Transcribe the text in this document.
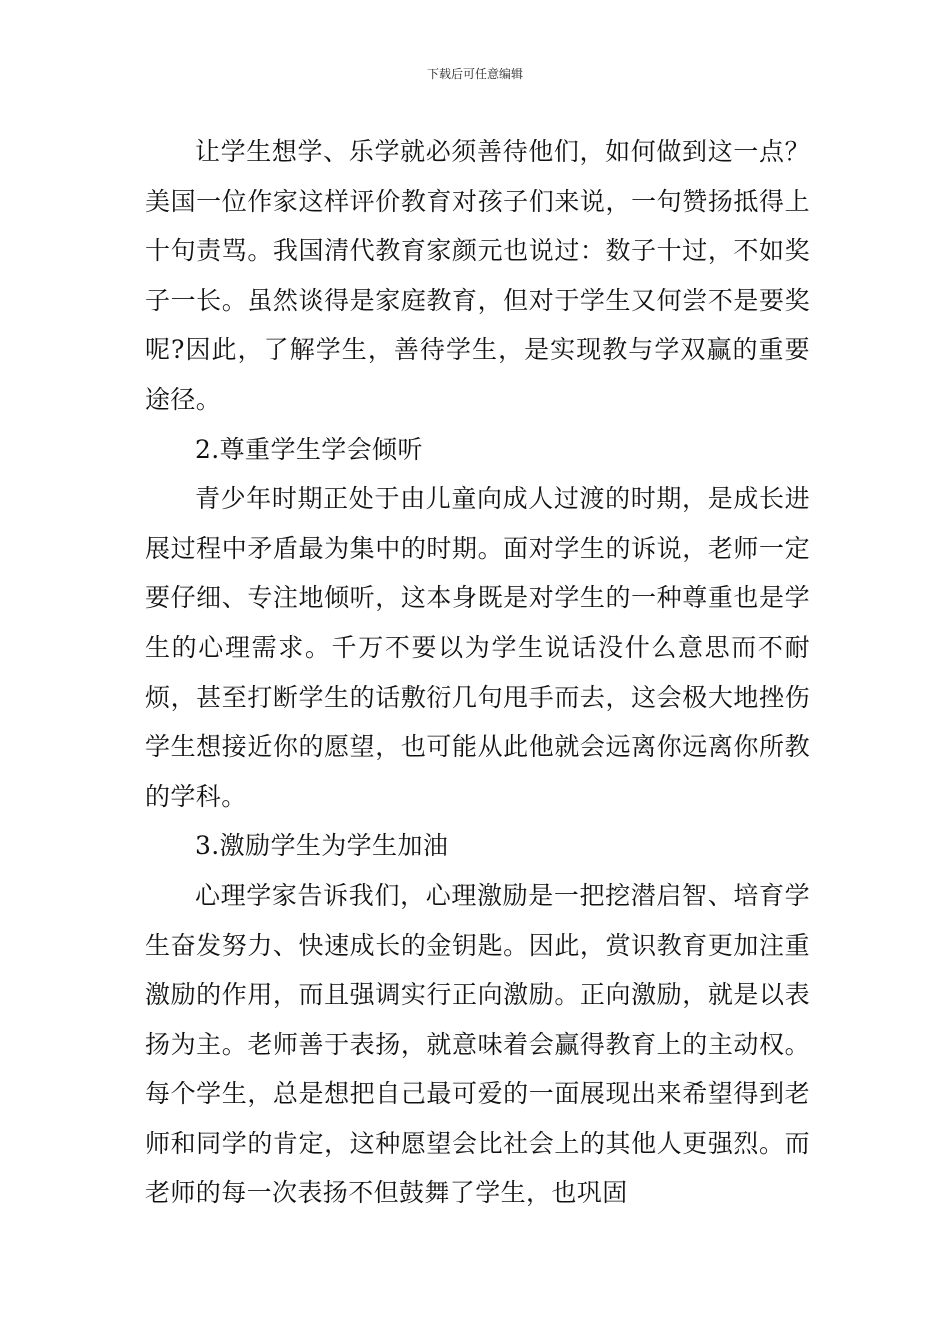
下载后可任意编辑

让学生想学、乐学就必须善待他们，如何做到这一点？美国一位作家这样评价教育对孩子们来说，一句赞扬抵得上十句责骂。我国清代教育家颜元也说过：数子十过，不如奖子一长。虽然谈得是家庭教育，但对于学生又何尝不是要奖呢?因此，了解学生，善待学生，是实现教与学双赢的重要途径。

2.尊重学生学会倾听

青少年时期正处于由儿童向成人过渡的时期，是成长进展过程中矛盾最为集中的时期。面对学生的诉说，老师一定要仔细、专注地倾听，这本身既是对学生的一种尊重也是学生的心理需求。千万不要以为学生说话没什么意思而不耐烦，甚至打断学生的话敷衍几句甩手而去，这会极大地挫伤学生想接近你的愿望，也可能从此他就会远离你远离你所教的学科。

3.激励学生为学生加油

心理学家告诉我们，心理激励是一把挖潜启智、培育学生奋发努力、快速成长的金钥匙。因此，赏识教育更加注重激励的作用，而且强调实行正向激励。正向激励，就是以表扬为主。老师善于表扬，就意味着会赢得教育上的主动权。每个学生，总是想把自己最可爱的一面展现出来希望得到老师和同学的肯定，这种愿望会比社会上的其他人更强烈。而老师的每一次表扬不但鼓舞了学生，也巩固
